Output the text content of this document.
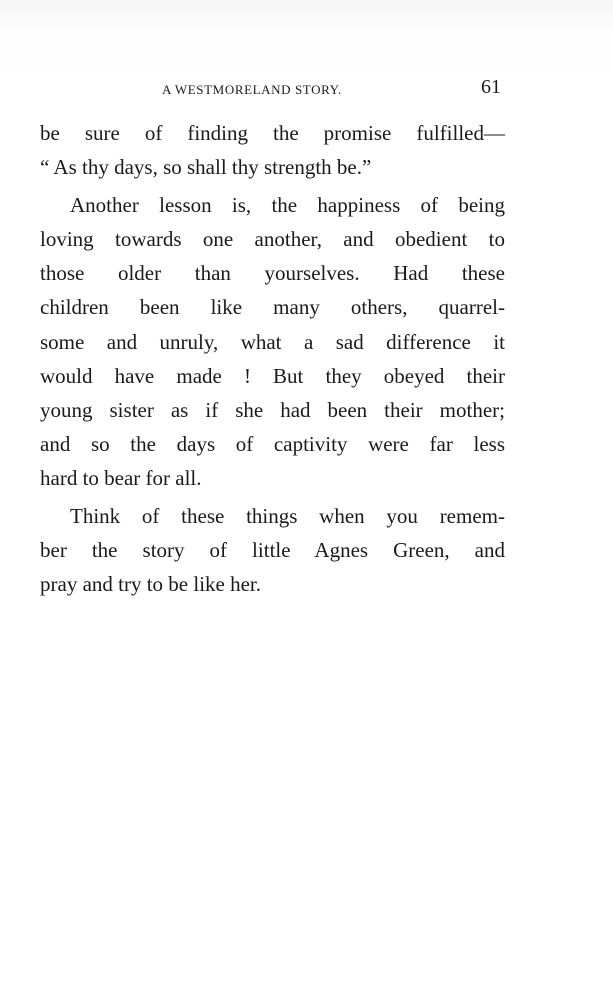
A WESTMORELAND STORY.	61
be sure of finding the promise fulfilled—
“ As thy days, so shall thy strength be.”
Another lesson is, the happiness of being
loving towards one another, and obedient to
those older than yourselves. Had these
children been like many others, quarrel-
some and unruly, what a sad difference it
would have made ! But they obeyed their
young sister as if she had been their mother;
and so the days of captivity were far less
hard to bear for all.
Think of these things when you remem-
ber the story of little Agnes Green, and
pray and try to be like her.
